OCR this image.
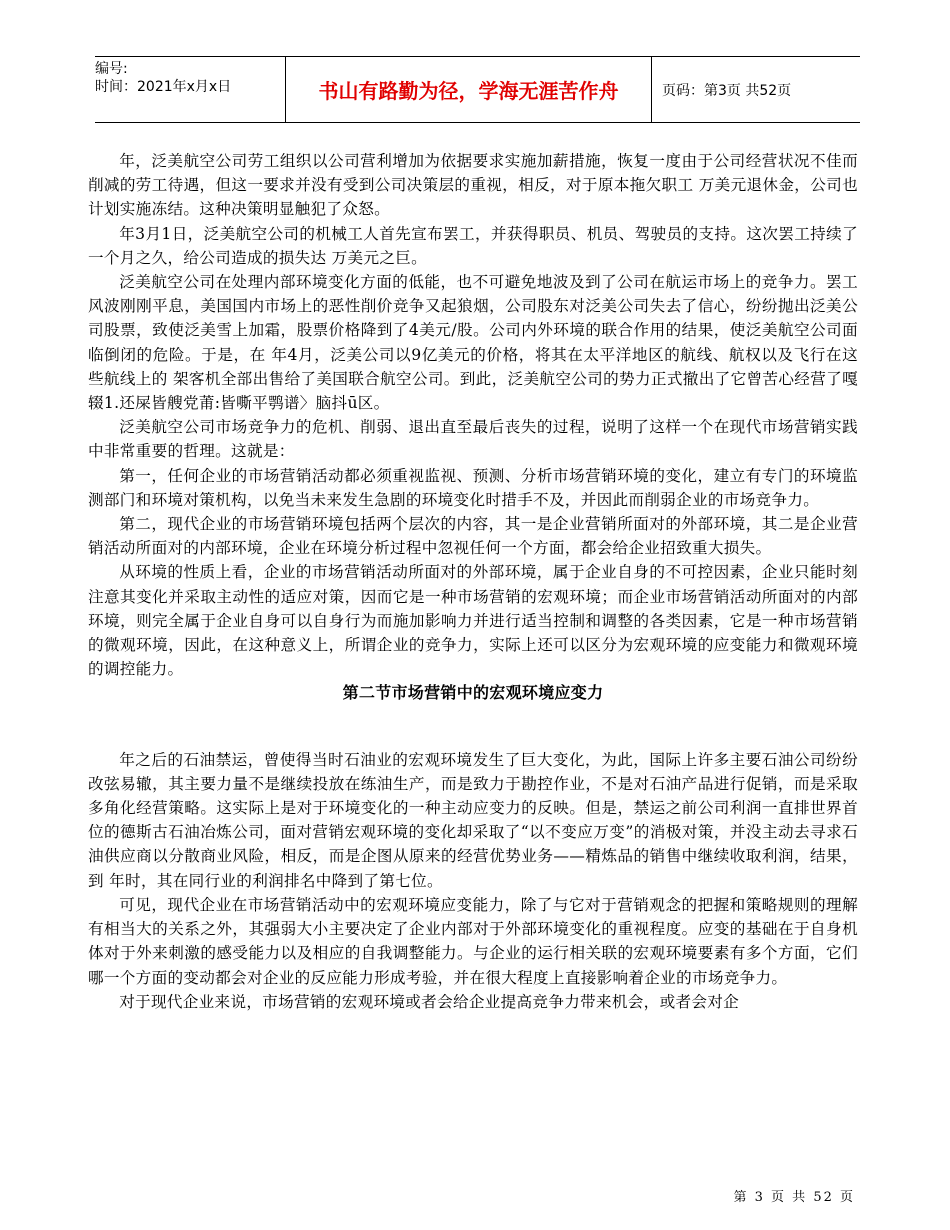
编号:
时间：2021年x月x日	书山有路勤为径，学海无涯苦作舟	页码：第3页 共52页

年，泛美航空公司劳工组织以公司营利增加为依据要求实施加薪措施，恢复一度由于公司经营状况不佳而削减的劳工待遇，但这一要求并没有受到公司决策层的重视，相反，对于原本拖欠职工 万美元退休金，公司也计划实施冻结。这种决策明显触犯了众怒。

年3月1日，泛美航空公司的机械工人首先宣布罢工，并获得职员、机员、驾驶员的支持。这次罢工持续了一个月之久，给公司造成的损失达 万美元之巨。

泛美航空公司在处理内部环境变化方面的低能，也不可避免地波及到了公司在航运市场上的竞争力。罢工风波刚刚平息，美国国内市场上的恶性削价竞争又起狼烟，公司股东对泛美公司失去了信心，纷纷抛出泛美公司股票，致使泛美雪上加霜，股票价格降到了4美元/股。公司内外环境的联合作用的结果，使泛美航空公司面临倒闭的危险。于是，在 年4月，泛美公司以9亿美元的价格，将其在太平洋地区的航线、航权以及飞行在这些航线上的 架客机全部出售给了美国联合航空公司。到此，泛美航空公司的势力正式撤出了它曾苦心经营了嘎辍1.还屎皆艘党莆:皆嘶平鹗谱〉脑抖ū区。

泛美航空公司市场竞争力的危机、削弱、退出直至最后丧失的过程，说明了这样一个在现代市场营销实践中非常重要的哲理。这就是：

第一，任何企业的市场营销活动都必须重视监视、预测、分析市场营销环境的变化，建立有专门的环境监测部门和环境对策机构，以免当未来发生急剧的环境变化时措手不及，并因此而削弱企业的市场竞争力。

第二，现代企业的市场营销环境包括两个层次的内容，其一是企业营销所面对的外部环境，其二是企业营销活动所面对的内部环境，企业在环境分析过程中忽视任何一个方面，都会给企业招致重大损失。

从环境的性质上看，企业的市场营销活动所面对的外部环境，属于企业自身的不可控因素，企业只能时刻注意其变化并采取主动性的适应对策，因而它是一种市场营销的宏观环境；而企业市场营销活动所面对的内部环境，则完全属于企业自身可以自身行为而施加影响力并进行适当控制和调整的各类因素，它是一种市场营销的微观环境，因此，在这种意义上，所谓企业的竞争力，实际上还可以区分为宏观环境的应变能力和微观环境的调控能力。

第二节市场营销中的宏观环境应变力

年之后的石油禁运，曾使得当时石油业的宏观环境发生了巨大变化，为此，国际上许多主要石油公司纷纷改弦易辙，其主要力量不是继续投放在练油生产，而是致力于勘控作业，不是对石油产品进行促销，而是采取多角化经营策略。这实际上是对于环境变化的一种主动应变力的反映。但是，禁运之前公司利润一直排世界首位的德斯古石油冶炼公司，面对营销宏观环境的变化却采取了“以不变应万变”的消极对策，并没主动去寻求石油供应商以分散商业风险，相反，而是企图从原来的经营优势业务——精炼品的销售中继续收取利润，结果，到 年时，其在同行业的利润排名中降到了第七位。

可见，现代企业在市场营销活动中的宏观环境应变能力，除了与它对于营销观念的把握和策略规则的理解有相当大的关系之外，其强弱大小主要决定了企业内部对于外部环境变化的重视程度。应变的基础在于自身机体对于外来刺激的感受能力以及相应的自我调整能力。与企业的运行相关联的宏观环境要素有多个方面，它们哪一个方面的变动都会对企业的反应能力形成考验，并在很大程度上直接影响着企业的市场竞争力。

对于现代企业来说，市场营销的宏观环境或者会给企业提高竞争力带来机会，或者会对企

第 3 页 共 52 页
